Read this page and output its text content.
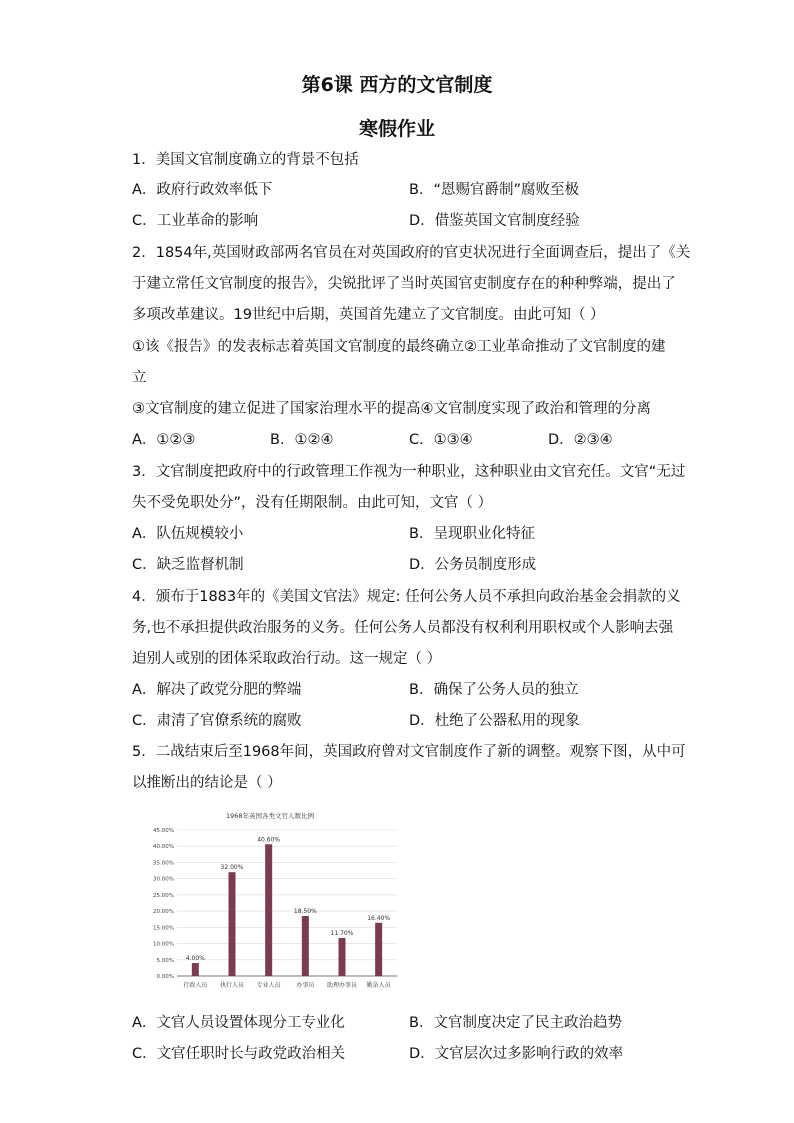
第6课 西方的文官制度
寒假作业
1．美国文官制度确立的背景不包括
A．政府行政效率低下	B．“恩赐官爵制”腐败至极
C．工业革命的影响	D．借鉴英国文官制度经验
2．1854年,英国财政部两名官员在对英国政府的官吏状况进行全面调查后，提出了《关
于建立常任文官制度的报告》，尖锐批评了当时英国官吏制度存在的种种弊端，提出了
多项改革建议。19世纪中后期，英国首先建立了文官制度。由此可知（ ）
①该《报告》的发表标志着英国文官制度的最终确立②工业革命推动了文官制度的建
立
③文官制度的建立促进了国家治理水平的提高④文官制度实现了政治和管理的分离
A．①②③	B．①②④	C．①③④	D．②③④
3．文官制度把政府中的行政管理工作视为一种职业，这种职业由文官充任。文官“无过
失不受免职处分”，没有任期限制。由此可知，文官（ ）
A．队伍规模较小	B．呈现职业化特征
C．缺乏监督机制	D．公务员制度形成
4．颁布于1883年的《美国文官法》规定: 任何公务人员不承担向政治基金会捐款的义
务,也不承担提供政治服务的义务。任何公务人员都没有权利利用职权或个人影响去强
迫别人或别的团体采取政治行动。这一规定（ ）
A．解决了政党分肥的弊端	B．确保了公务人员的独立
C．肃清了官僚系统的腐败	D．杜绝了公器私用的现象
5．二战结束后至1968年间，英国政府曾对文官制度作了新的调整。观察下图，从中可
以推断出的结论是（ ）
1968年英国各类文官人数比例
0.00%
5.00%
10.00%
15.00%
20.00%
25.00%
30.00%
35.00%
40.00%
45.00%
4.00%
行政人员
32.00%
执行人员
40.60%
专业人员
18.50%
办事员
11.70%
助理办事员
16.40%
勤杂人员
A．文官人员设置体现分工专业化	B．文官制度决定了民主政治趋势
C．文官任职时长与政党政治相关	D．文官层次过多影响行政的效率
